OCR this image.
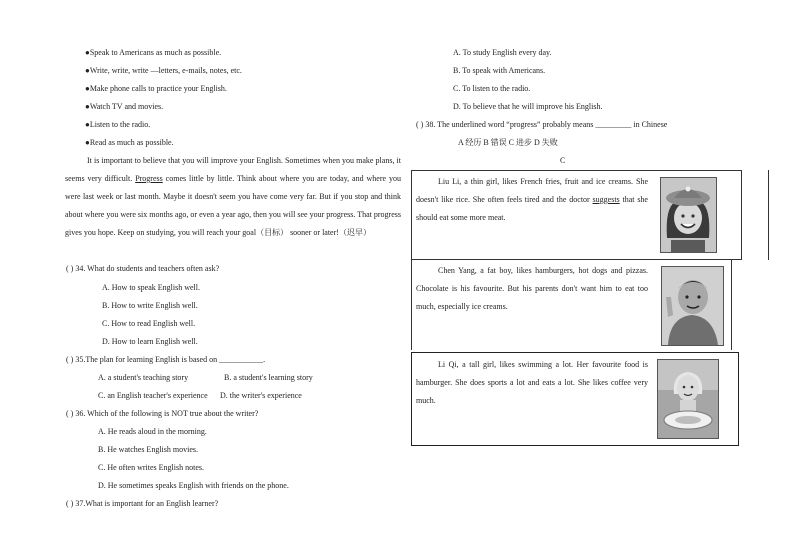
●Speak to Americans as much as possible.
●Write, write, write —letters, e-mails, notes, etc.
●Make phone calls to practice your English.
●Watch TV and movies.
●Listen to the radio.
●Read as much as possible.
It is important to believe that you will improve your English. Sometimes when you make plans, it seems very difficult. Progress comes little by little. Think about where you are today, and where you were last week or last month. Maybe it doesn't seem you have come very far. But if you stop and think about where you were six months ago, or even a year ago, then you will see your progress. That progress gives you hope. Keep on studying, you will reach your goal（目标） sooner or later!（迟早）
( ) 34. What do students and teachers often ask?
A. How to speak English well.
B. How to write English well.
C. How to read English well.
D. How to learn English well.
( ) 35.The plan for learning English is based on ___________.
A. a student's teaching story	B. a student's learning story
C. an English teacher's experience D. the writer's experience
( ) 36. Which of the following is NOT true about the writer?
A. He reads aloud in the morning.
B. He watches English movies.
C. He often writes English notes.
D. He sometimes speaks English with friends on the phone.
( ) 37.What is important for an English learner?
A. To study English every day.
B. To speak with Americans.
C. To listen to the radio.
D. To believe that he will improve his English.
( ) 38. The underlined word “progress” probably means _________ in Chinese
A 经历 B 错误 C 进步 D 失败
C
Liu Li, a thin girl, likes French fries, fruit and ice creams. She doesn't like rice. She often feels tired and the doctor suggests that she should eat some more meat.
Chen Yang, a fat boy, likes hamburgers, hot dogs and pizzas. Chocolate is his favourite. But his parents don't want him to eat too much, especially ice creams.
Li Qi, a tall girl, likes swimming a lot. Her favourite food is hamburger. She does sports a lot and eats a lot. She likes coffee very much.
